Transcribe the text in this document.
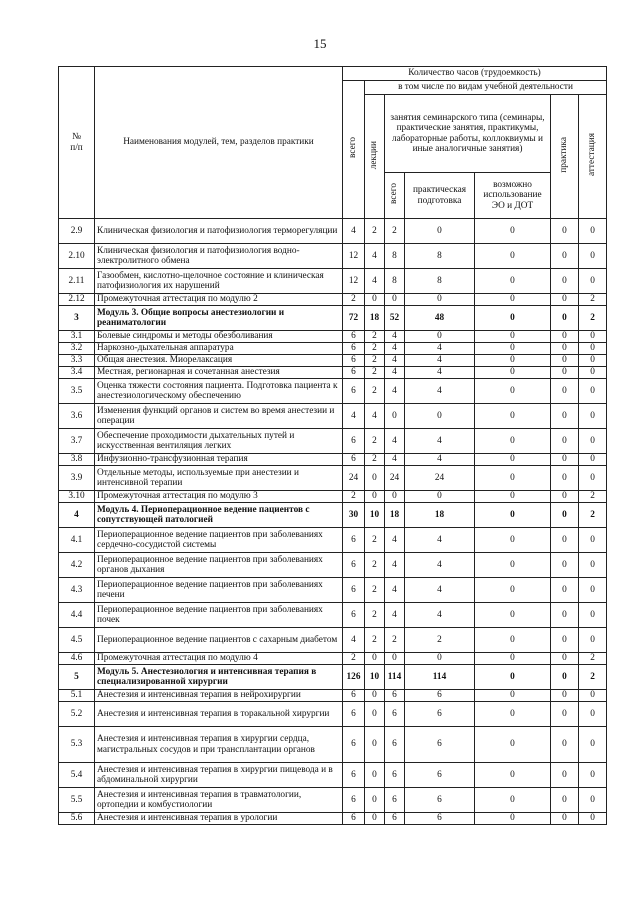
15
№
п/п	Наименования модулей, тем, разделов практики	Количество часов (трудоемкость)						
		всего	в том числе по видам учебной деятельности					
			лекции	занятия семинарского типа (семинары, практические занятия, практикумы, лабораторные работы, коллоквиумы и иные аналогичные занятия)			практика	аттестация
				всего	практическая подготовка	возможно использование ЭО и ДОТ		
2.9	Клиническая физиология и патофизиология терморегуляции	4	2	2	0	0	0	0
2.10	Клиническая физиология и патофизиология водно-электролитного обмена	12	4	8	8	0	0	0
2.11	Газообмен, кислотно-щелочное состояние и клиническая патофизиология их нарушений	12	4	8	8	0	0	0
2.12	Промежуточная аттестация по модулю 2	2	0	0	0	0	0	2
3	Модуль 3. Общие вопросы анестезиологии и реаниматологии	72	18	52	48	0	0	2
3.1	Болевые синдромы и методы обезболивания	6	2	4	0	0	0	0
3.2	Наркозно-дыхательная аппаратура	6	2	4	4	0	0	0
3.3	Общая анестезия. Миорелаксация	6	2	4	4	0	0	0
3.4	Местная, регионарная и сочетанная анестезия	6	2	4	4	0	0	0
3.5	Оценка тяжести состояния пациента. Подготовка пациента к анестезиологическому обеспечению	6	2	4	4	0	0	0
3.6	Изменения функций органов и систем во время анестезии и операции	4	4	0	0	0	0	0
3.7	Обеспечение проходимости дыхательных путей и искусственная вентиляция легких	6	2	4	4	0	0	0
3.8	Инфузионно-трансфузионная терапия	6	2	4	4	0	0	0
3.9	Отдельные методы, используемые при анестезии и интенсивной терапии	24	0	24	24	0	0	0
3.10	Промежуточная аттестация по модулю 3	2	0	0	0	0	0	2
4	Модуль 4. Периоперационное ведение пациентов с сопутствующей патологией	30	10	18	18	0	0	2
4.1	Периоперационное ведение пациентов при заболеваниях сердечно-сосудистой системы	6	2	4	4	0	0	0
4.2	Периоперационное ведение пациентов при заболеваниях органов дыхания	6	2	4	4	0	0	0
4.3	Периоперационное ведение пациентов при заболеваниях печени	6	2	4	4	0	0	0
4.4	Периоперационное ведение пациентов при заболеваниях почек	6	2	4	4	0	0	0
4.5	Периоперационное ведение пациентов с сахарным диабетом	4	2	2	2	0	0	0
4.6	Промежуточная аттестация по модулю 4	2	0	0	0	0	0	2
5	Модуль 5. Анестезиология и интенсивная терапия в специализированной хирургии	126	10	114	114	0	0	2
5.1	Анестезия и интенсивная терапия в нейрохирургии	6	0	6	6	0	0	0
5.2	Анестезия и интенсивная терапия в торакальной хирургии	6	0	6	6	0	0	0
5.3	Анестезия и интенсивная терапия в хирургии сердца, магистральных сосудов и при трансплантации органов	6	0	6	6	0	0	0
5.4	Анестезия и интенсивная терапия в хирургии пищевода и в абдоминальной хирургии	6	0	6	6	0	0	0
5.5	Анестезия и интенсивная терапия в травматологии, ортопедии и комбустиологии	6	0	6	6	0	0	0
5.6	Анестезия и интенсивная терапия в урологии	6	0	6	6	0	0	0
